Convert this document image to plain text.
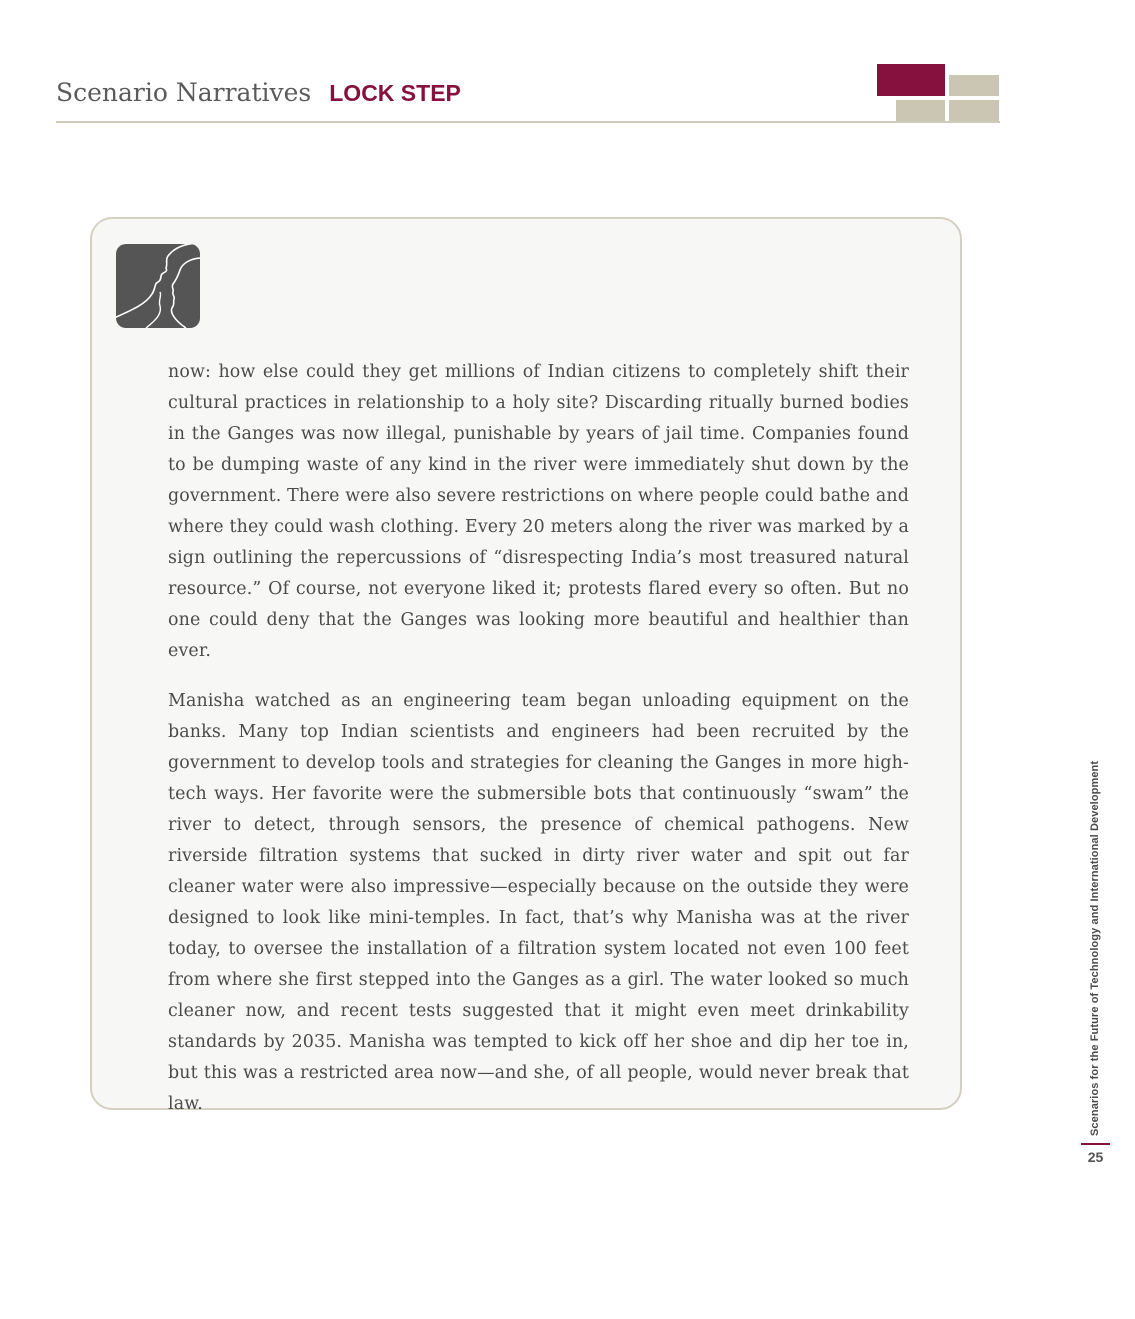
Scenario Narratives LOCK STEP

now: how else could they get millions of Indian citizens to completely shift their cultural practices in relationship to a holy site? Discarding ritually burned bodies in the Ganges was now illegal, punishable by years of jail time. Companies found to be dumping waste of any kind in the river were immediately shut down by the government. There were also severe restrictions on where people could bathe and where they could wash clothing. Every 20 meters along the river was marked by a sign outlining the repercussions of “disrespecting India’s most treasured natural resource.” Of course, not everyone liked it; protests flared every so often. But no one could deny that the Ganges was looking more beautiful and healthier than ever.

Manisha watched as an engineering team began unloading equipment on the banks. Many top Indian scientists and engineers had been recruited by the government to develop tools and strategies for cleaning the Ganges in more high-tech ways. Her favorite were the submersible bots that continuously “swam” the river to detect, through sensors, the presence of chemical pathogens. New riverside filtration systems that sucked in dirty river water and spit out far cleaner water were also impressive—especially because on the outside they were designed to look like mini-temples. In fact, that’s why Manisha was at the river today, to oversee the installation of a filtration system located not even 100 feet from where she first stepped into the Ganges as a girl. The water looked so much cleaner now, and recent tests suggested that it might even meet drinkability standards by 2035. Manisha was tempted to kick off her shoe and dip her toe in, but this was a restricted area now—and she, of all people, would never break that law.	Scenarios for the Future of Technology and International Development
25
